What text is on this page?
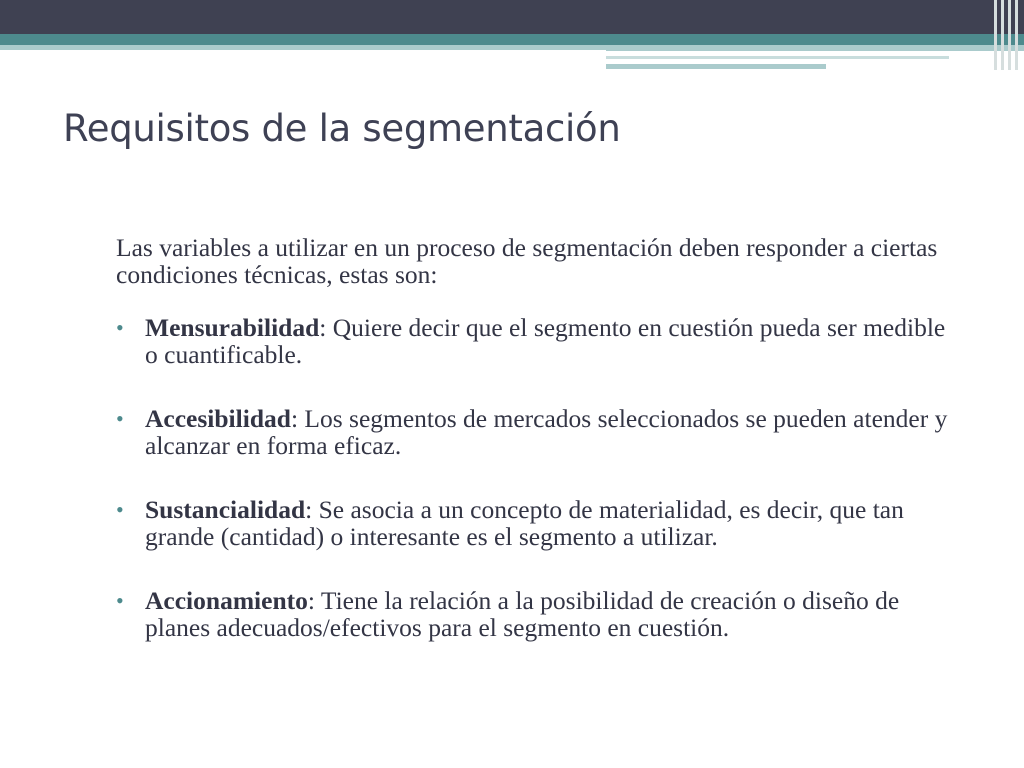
Requisitos de la segmentación

Las variables a utilizar en un proceso de segmentación deben responder a ciertas condiciones técnicas, estas son:

• Mensurabilidad: Quiere decir que el segmento en cuestión pueda ser medible o cuantificable.
• Accesibilidad: Los segmentos de mercados seleccionados se pueden atender y alcanzar en forma eficaz.
• Sustancialidad: Se asocia a un concepto de materialidad, es decir, que tan grande (cantidad) o interesante es el segmento a utilizar.
• Accionamiento: Tiene la relación a la posibilidad de creación o diseño de planes adecuados/efectivos para el segmento en cuestión.
